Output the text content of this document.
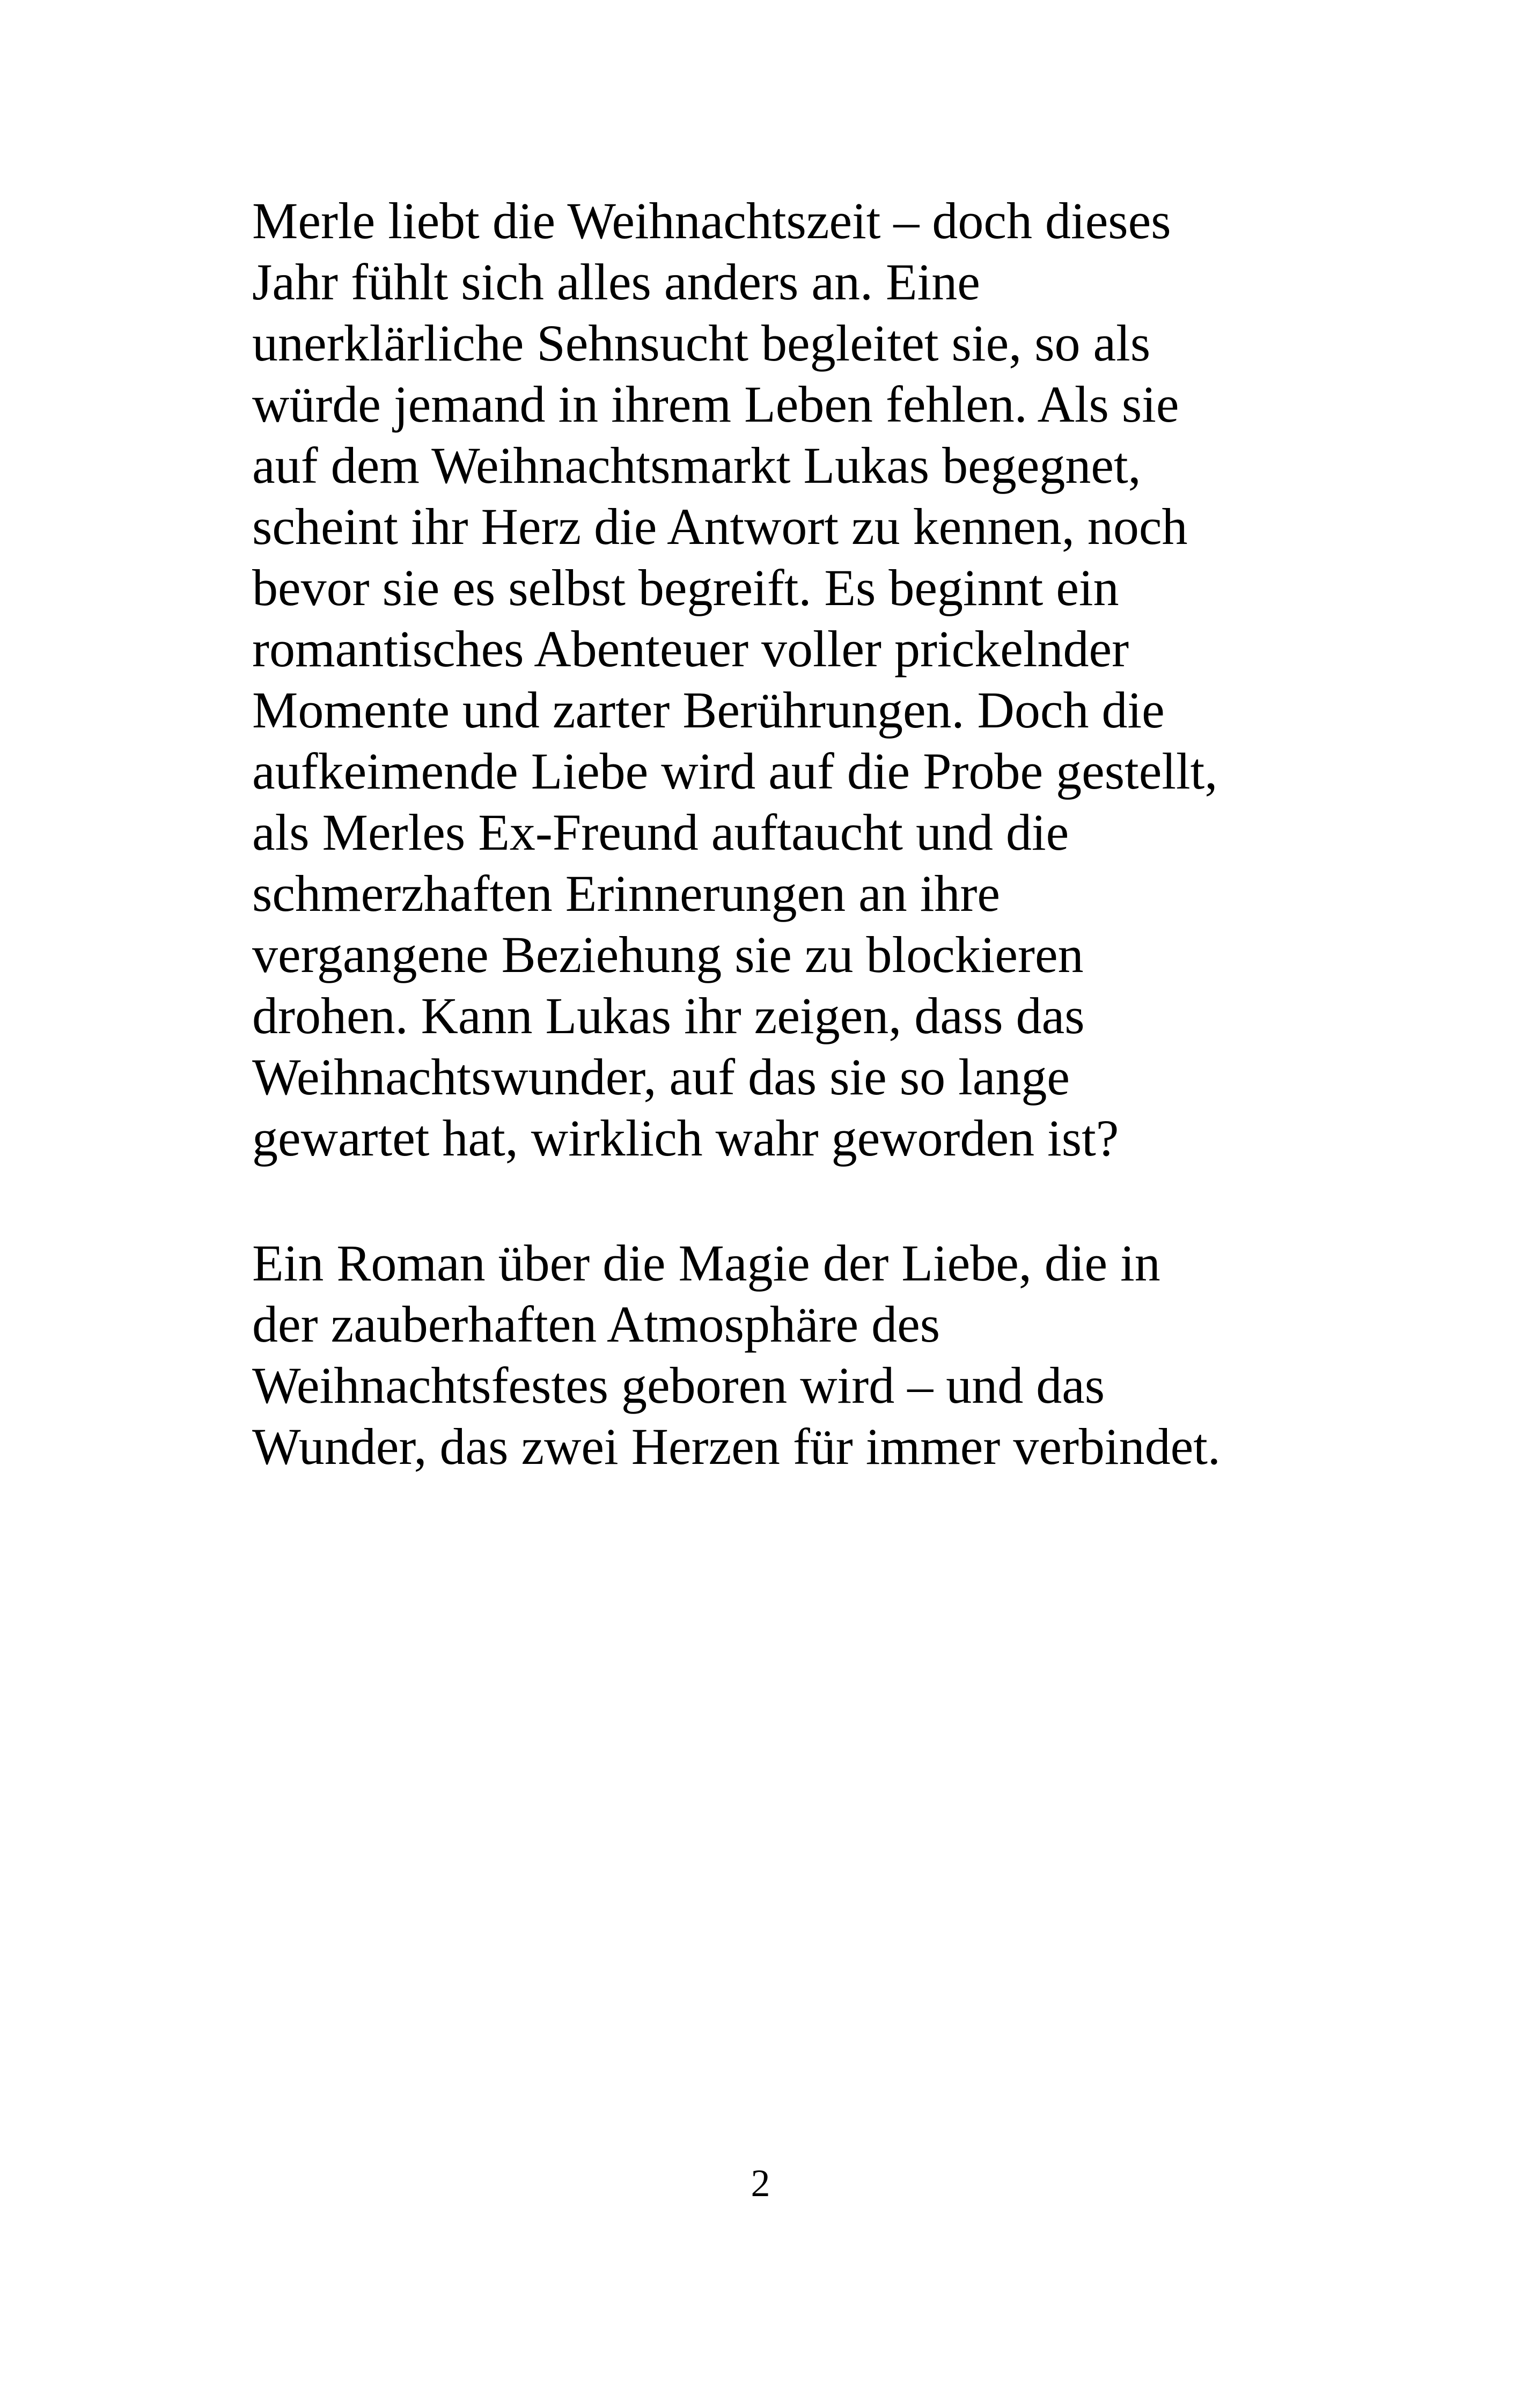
Merle liebt die Weihnachtszeit – doch dieses
Jahr fühlt sich alles anders an. Eine
unerklärliche Sehnsucht begleitet sie, so als
würde jemand in ihrem Leben fehlen. Als sie
auf dem Weihnachtsmarkt Lukas begegnet,
scheint ihr Herz die Antwort zu kennen, noch
bevor sie es selbst begreift. Es beginnt ein
romantisches Abenteuer voller prickelnder
Momente und zarter Berührungen. Doch die
aufkeimende Liebe wird auf die Probe gestellt,
als Merles Ex-Freund auftaucht und die
schmerzhaften Erinnerungen an ihre
vergangene Beziehung sie zu blockieren
drohen. Kann Lukas ihr zeigen, dass das
Weihnachtswunder, auf das sie so lange
gewartet hat, wirklich wahr geworden ist?
Ein Roman über die Magie der Liebe, die in
der zauberhaften Atmosphäre des
Weihnachtsfestes geboren wird – und das
Wunder, das zwei Herzen für immer verbindet.
2
